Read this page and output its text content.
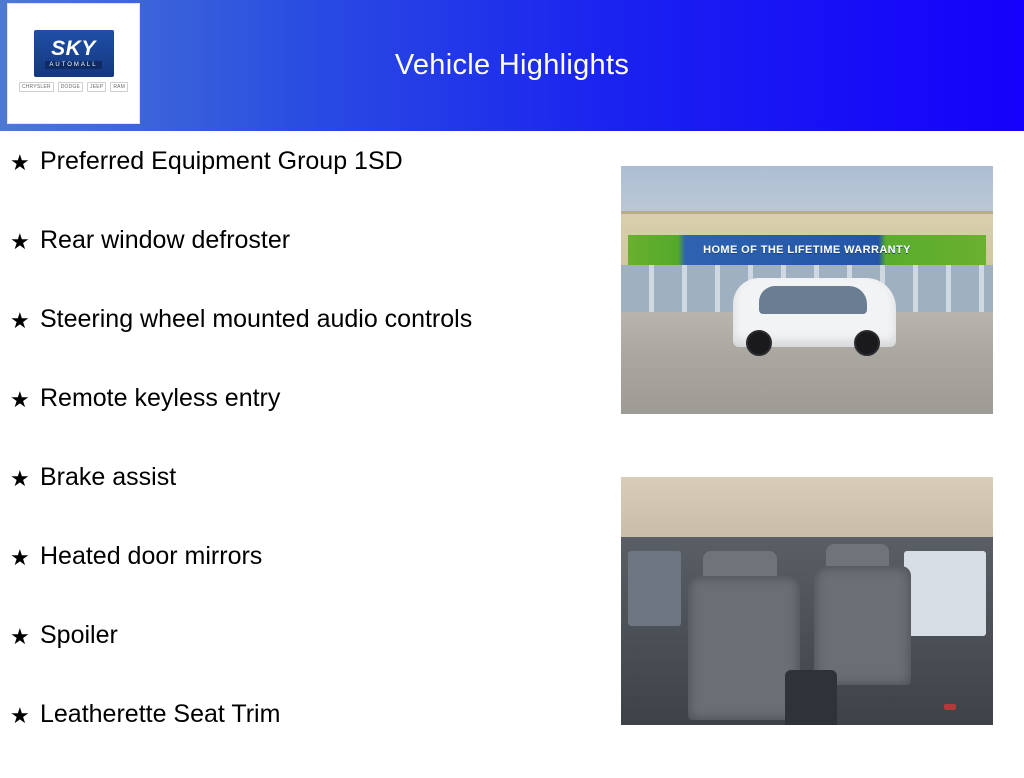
Vehicle Highlights
SKY
AUTOMALL
CHRYSLER	DODGE	JEEP	RAM
★ Preferred Equipment Group 1SD
★ Rear window defroster
★ Steering wheel mounted audio controls
★ Remote keyless entry
★ Brake assist
★ Heated door mirrors
★ Spoiler
★ Leatherette Seat Trim
HOME OF THE LIFETIME WARRANTY
